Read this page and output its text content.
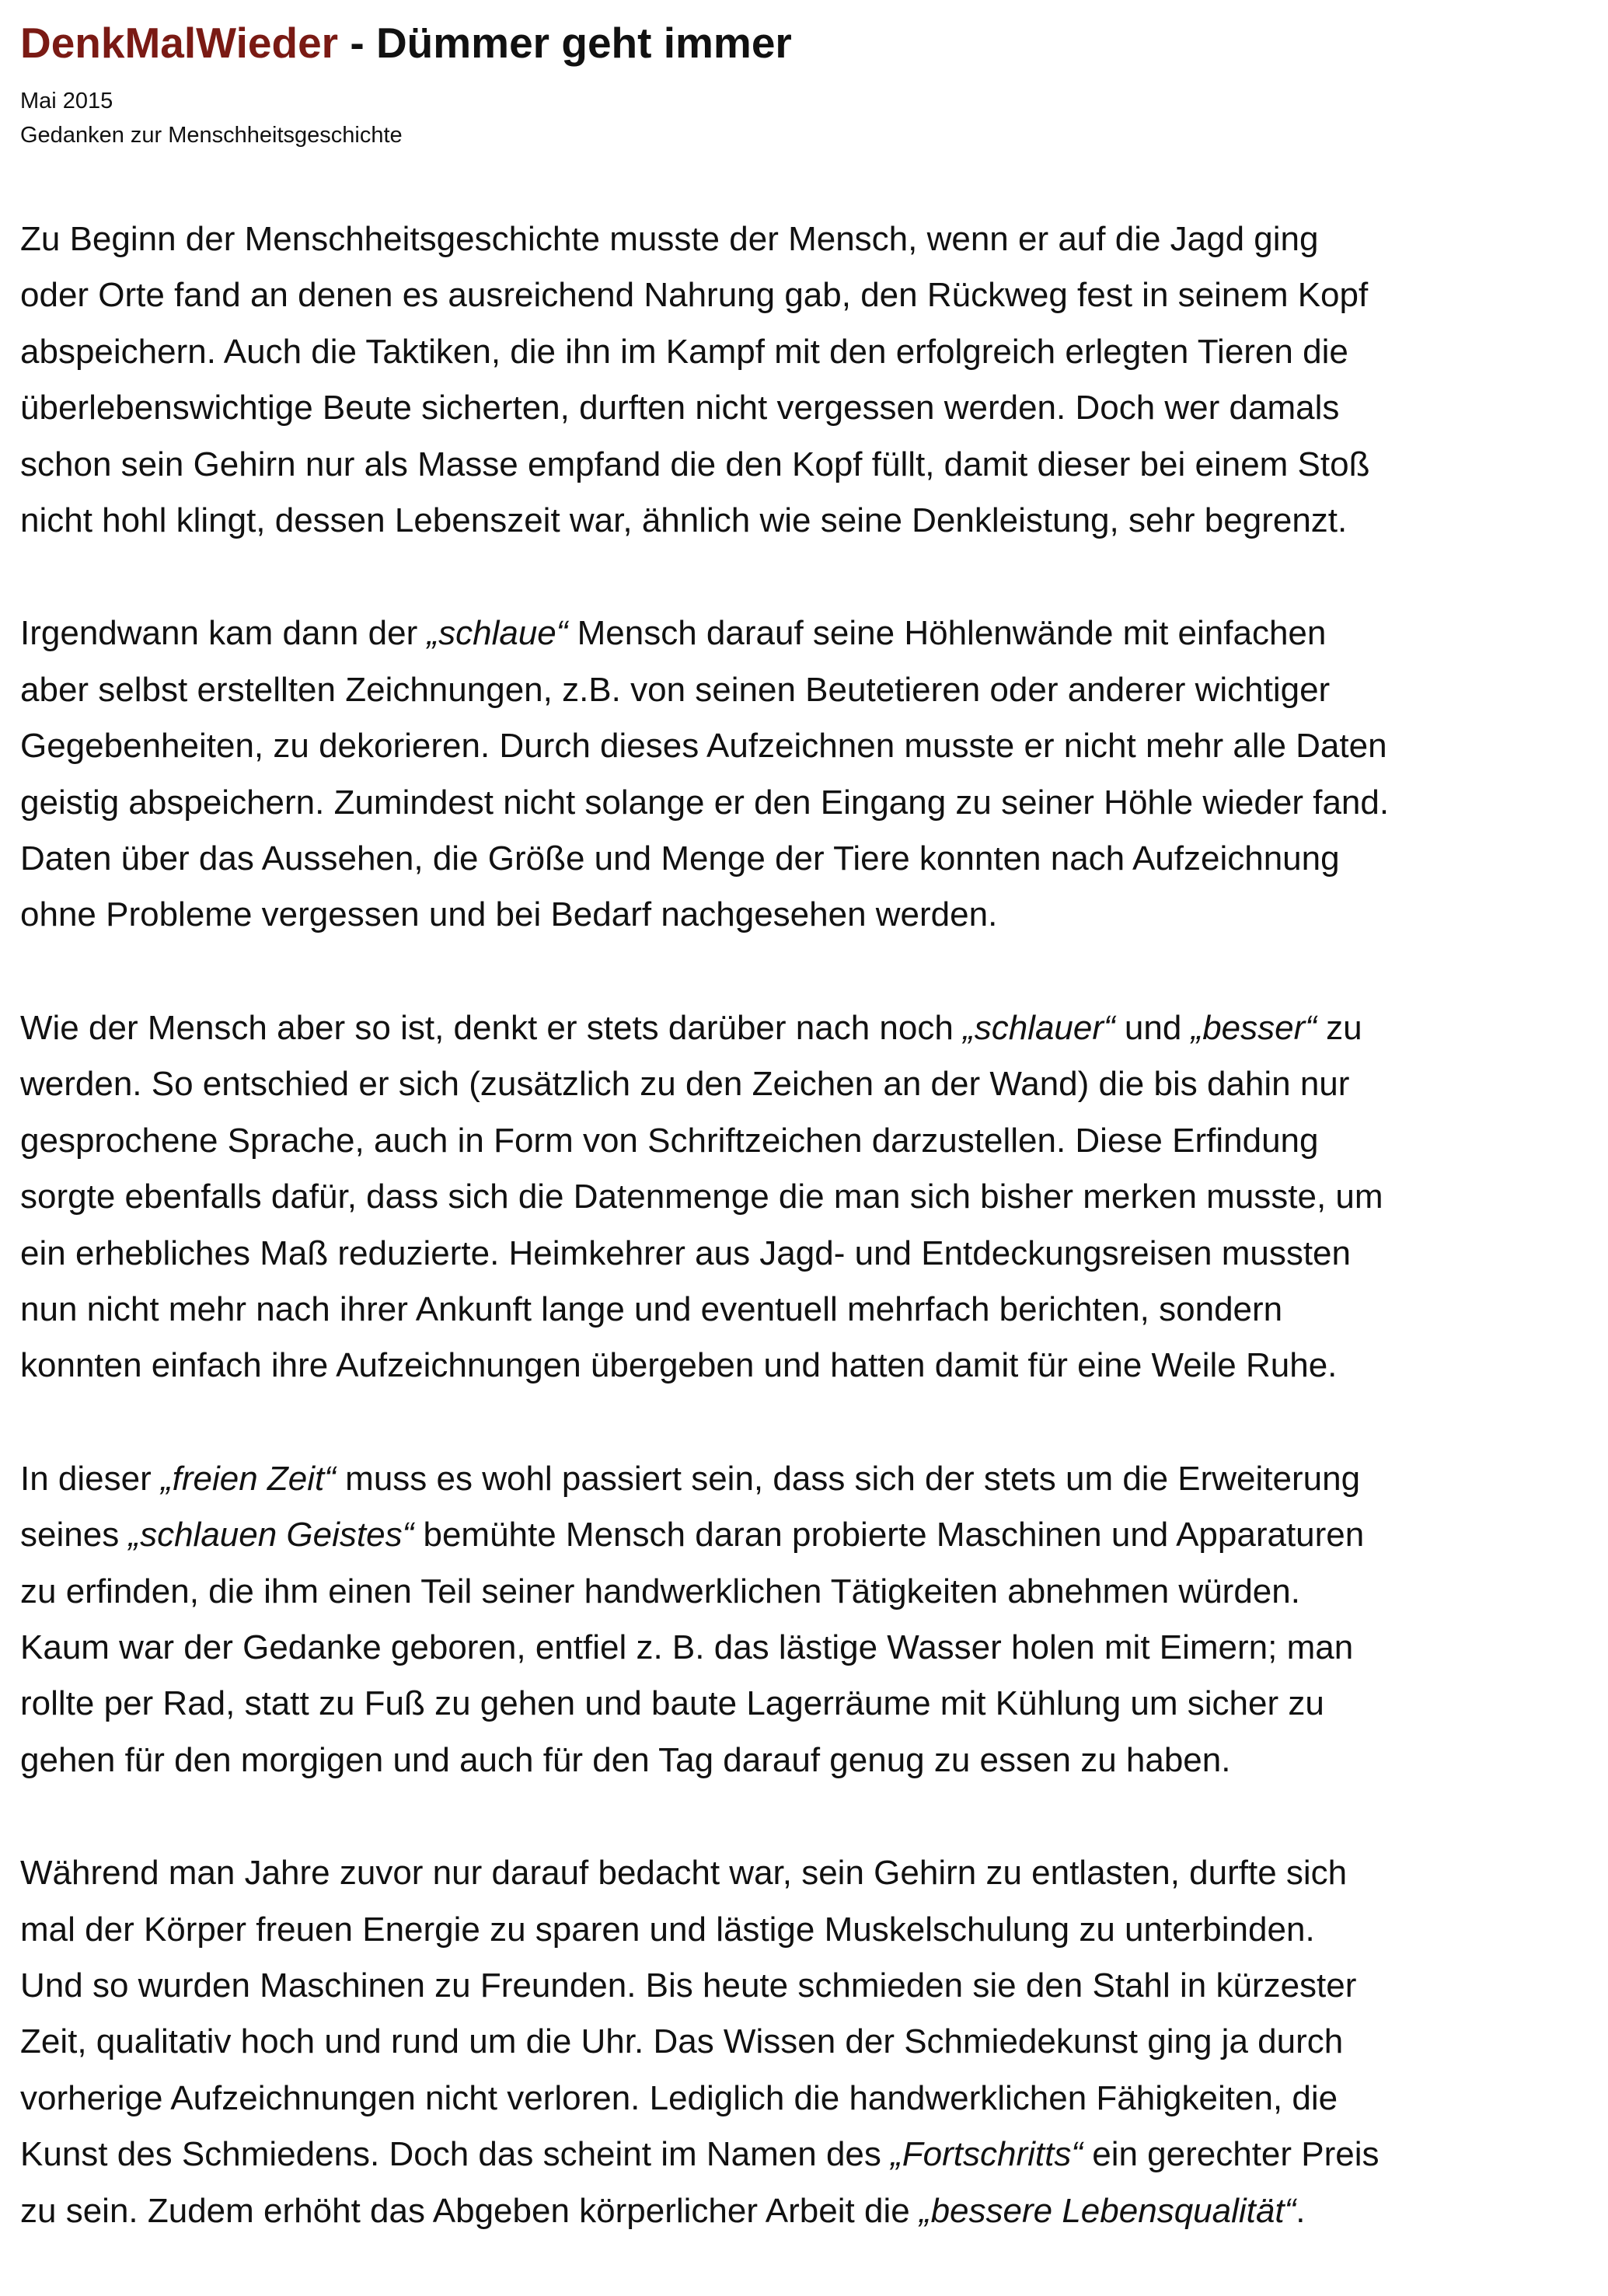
DenkMalWieder - Dümmer geht immer

Mai 2015

Gedanken zur Menschheitsgeschichte

Zu Beginn der Menschheitsgeschichte musste der Mensch, wenn er auf die Jagd ging
oder Orte fand an denen es ausreichend Nahrung gab, den Rückweg fest in seinem Kopf
abspeichern. Auch die Taktiken, die ihn im Kampf mit den erfolgreich erlegten Tieren die
überlebenswichtige Beute sicherten, durften nicht vergessen werden. Doch wer damals
schon sein Gehirn nur als Masse empfand die den Kopf füllt, damit dieser bei einem Stoß
nicht hohl klingt, dessen Lebenszeit war, ähnlich wie seine Denkleistung, sehr begrenzt.

Irgendwann kam dann der „schlaue“ Mensch darauf seine Höhlenwände mit einfachen
aber selbst erstellten Zeichnungen, z.B. von seinen Beutetieren oder anderer wichtiger
Gegebenheiten, zu dekorieren. Durch dieses Aufzeichnen musste er nicht mehr alle Daten
geistig abspeichern. Zumindest nicht solange er den Eingang zu seiner Höhle wieder fand.
Daten über das Aussehen, die Größe und Menge der Tiere konnten nach Aufzeichnung
ohne Probleme vergessen und bei Bedarf nachgesehen werden.

Wie der Mensch aber so ist, denkt er stets darüber nach noch „schlauer“ und „besser“ zu
werden. So entschied er sich (zusätzlich zu den Zeichen an der Wand) die bis dahin nur
gesprochene Sprache, auch in Form von Schriftzeichen darzustellen. Diese Erfindung
sorgte ebenfalls dafür, dass sich die Datenmenge die man sich bisher merken musste, um
ein erhebliches Maß reduzierte. Heimkehrer aus Jagd- und Entdeckungsreisen mussten
nun nicht mehr nach ihrer Ankunft lange und eventuell mehrfach berichten, sondern
konnten einfach ihre Aufzeichnungen übergeben und hatten damit für eine Weile Ruhe.

In dieser „freien Zeit“ muss es wohl passiert sein, dass sich der stets um die Erweiterung
seines „schlauen Geistes“ bemühte Mensch daran probierte Maschinen und Apparaturen
zu erfinden, die ihm einen Teil seiner handwerklichen Tätigkeiten abnehmen würden.
Kaum war der Gedanke geboren, entfiel z. B. das lästige Wasser holen mit Eimern; man
rollte per Rad, statt zu Fuß zu gehen und baute Lagerräume mit Kühlung um sicher zu
gehen für den morgigen und auch für den Tag darauf genug zu essen zu haben.

Während man Jahre zuvor nur darauf bedacht war, sein Gehirn zu entlasten, durfte sich
mal der Körper freuen Energie zu sparen und lästige Muskelschulung zu unterbinden.
Und so wurden Maschinen zu Freunden. Bis heute schmieden sie den Stahl in kürzester
Zeit, qualitativ hoch und rund um die Uhr. Das Wissen der Schmiedekunst ging ja durch
vorherige Aufzeichnungen nicht verloren. Lediglich die handwerklichen Fähigkeiten, die
Kunst des Schmiedens. Doch das scheint im Namen des „Fortschritts“ ein gerechter Preis
zu sein. Zudem erhöht das Abgeben körperlicher Arbeit die „bessere Lebensqualität“.
